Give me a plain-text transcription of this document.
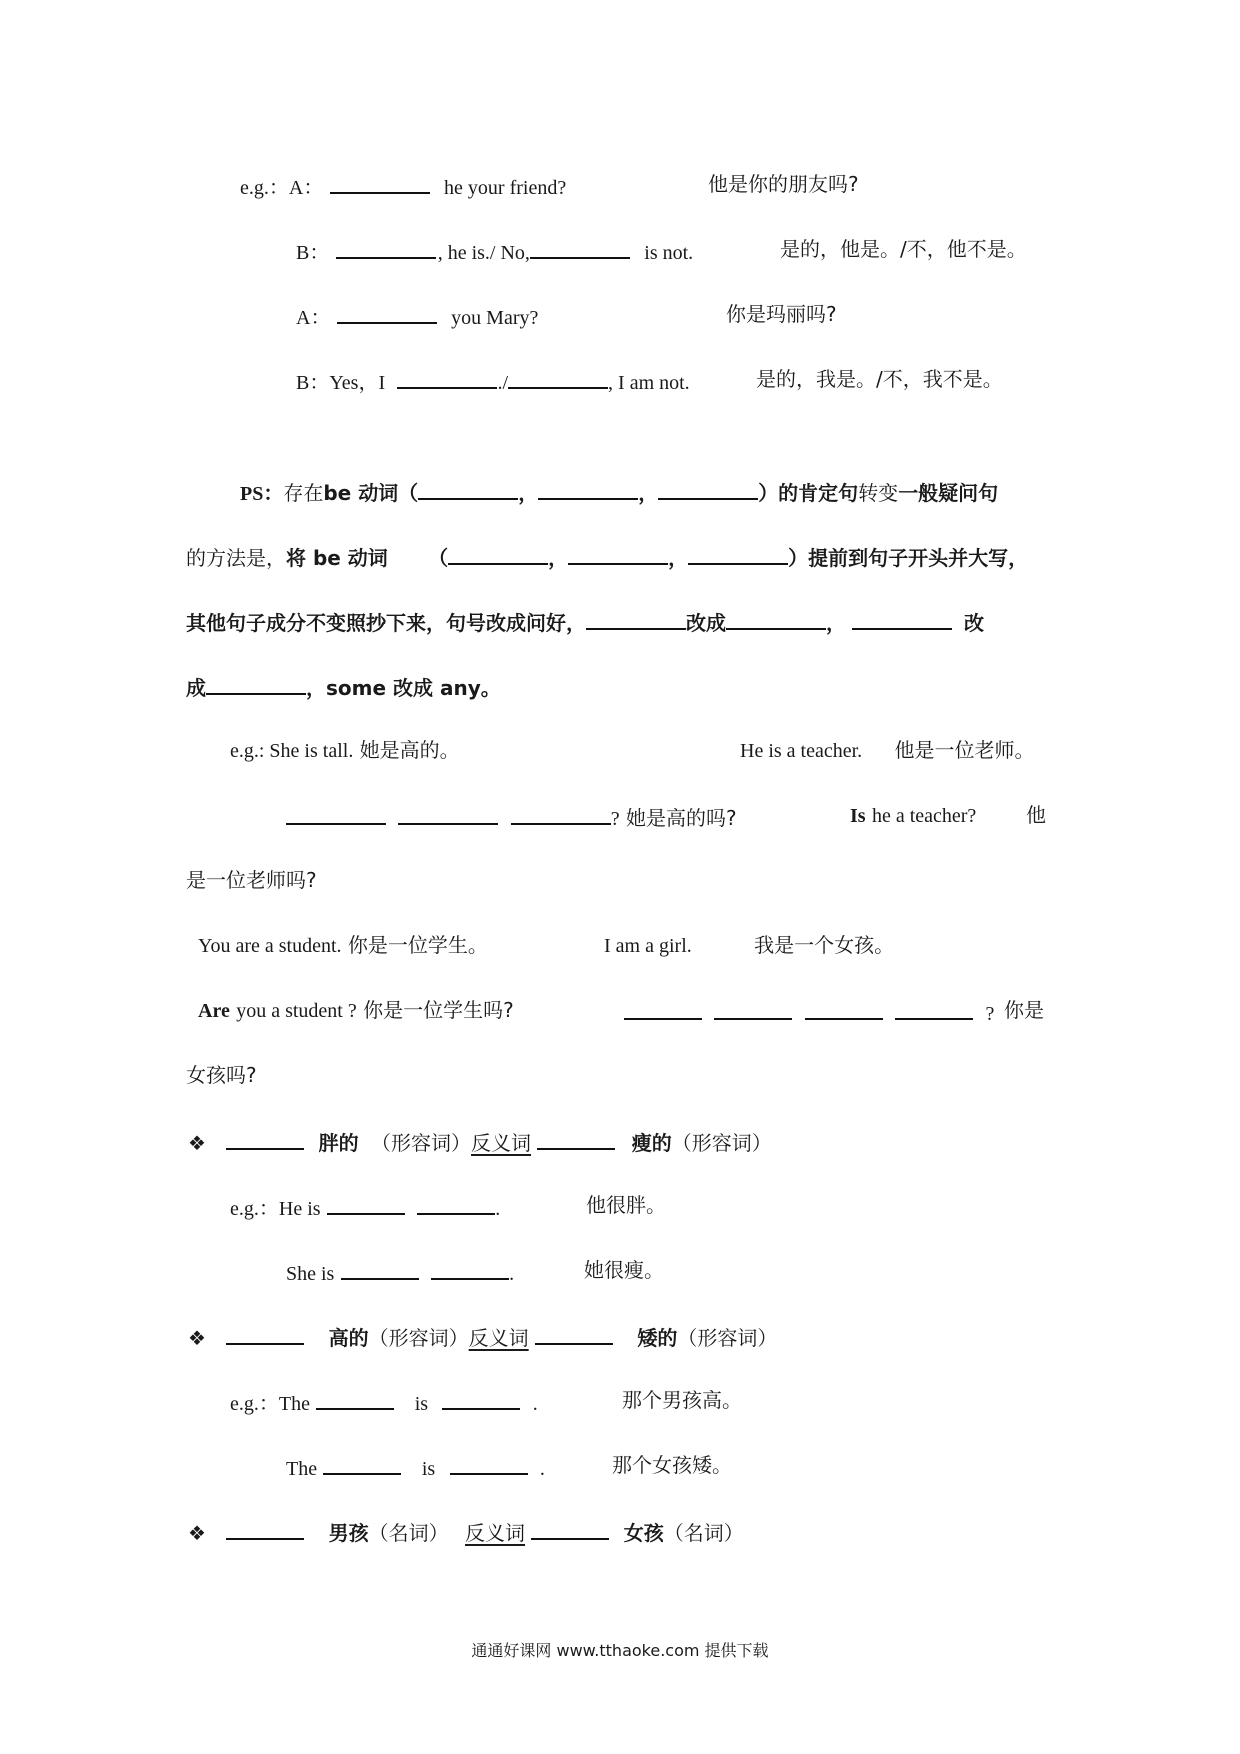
e.g.：A：	he your friend?	他是你的朋友吗?
B：	, he is./ No,	is not.	是的，他是。/不，他不是。
A：	you Mary?	你是玛丽吗?
B：Yes，I	./	, I am not.	是的，我是。/不，我不是。
PS：存在be 动词（	，	，	）的肯定句转变一般疑问句
的方法是，将 be 动词 （	，	，	）提前到句子开头并大写，
其他句子成分不变照抄下来，句号改成问好，	改成	，	改
成	，some 改成 any。
e.g.: She is tall. 她是高的。	He is a teacher. 他是一位老师。
? 她是高的吗?	Is he a teacher? 他
是一位老师吗?
You are a student. 你是一位学生。	I am a girl.	我是一个女孩。
Are you a student ? 你是一位学生吗?	? 你是
女孩吗?
❖	胖的 （形容词）反义词	瘦的（形容词）
e.g.：He is	.	他很胖。
She is	.	她很瘦。
❖	高的（形容词）反义词	矮的（形容词）
e.g.：The	is	.	那个男孩高。
The	is	.	那个女孩矮。
❖	男孩（名词） 反义词	女孩（名词）
通通好课网 www.tthaoke.com 提供下载
